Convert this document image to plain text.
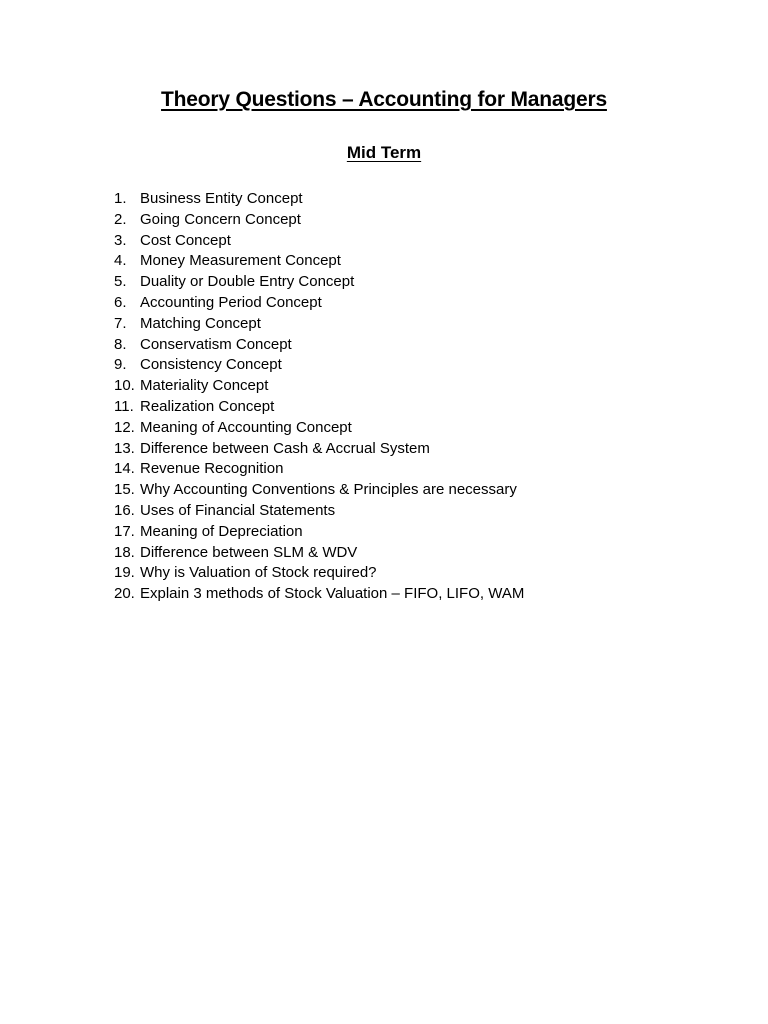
Theory Questions – Accounting for Managers
Mid Term
1. Business Entity Concept
2. Going Concern Concept
3. Cost Concept
4. Money Measurement Concept
5. Duality or Double Entry Concept
6. Accounting Period Concept
7. Matching Concept
8. Conservatism Concept
9. Consistency Concept
10. Materiality Concept
11. Realization Concept
12. Meaning of Accounting Concept
13. Difference between Cash & Accrual System
14. Revenue Recognition
15. Why Accounting Conventions & Principles are necessary
16. Uses of Financial Statements
17. Meaning of Depreciation
18. Difference between SLM & WDV
19. Why is Valuation of Stock required?
20. Explain 3 methods of Stock Valuation – FIFO, LIFO, WAM
